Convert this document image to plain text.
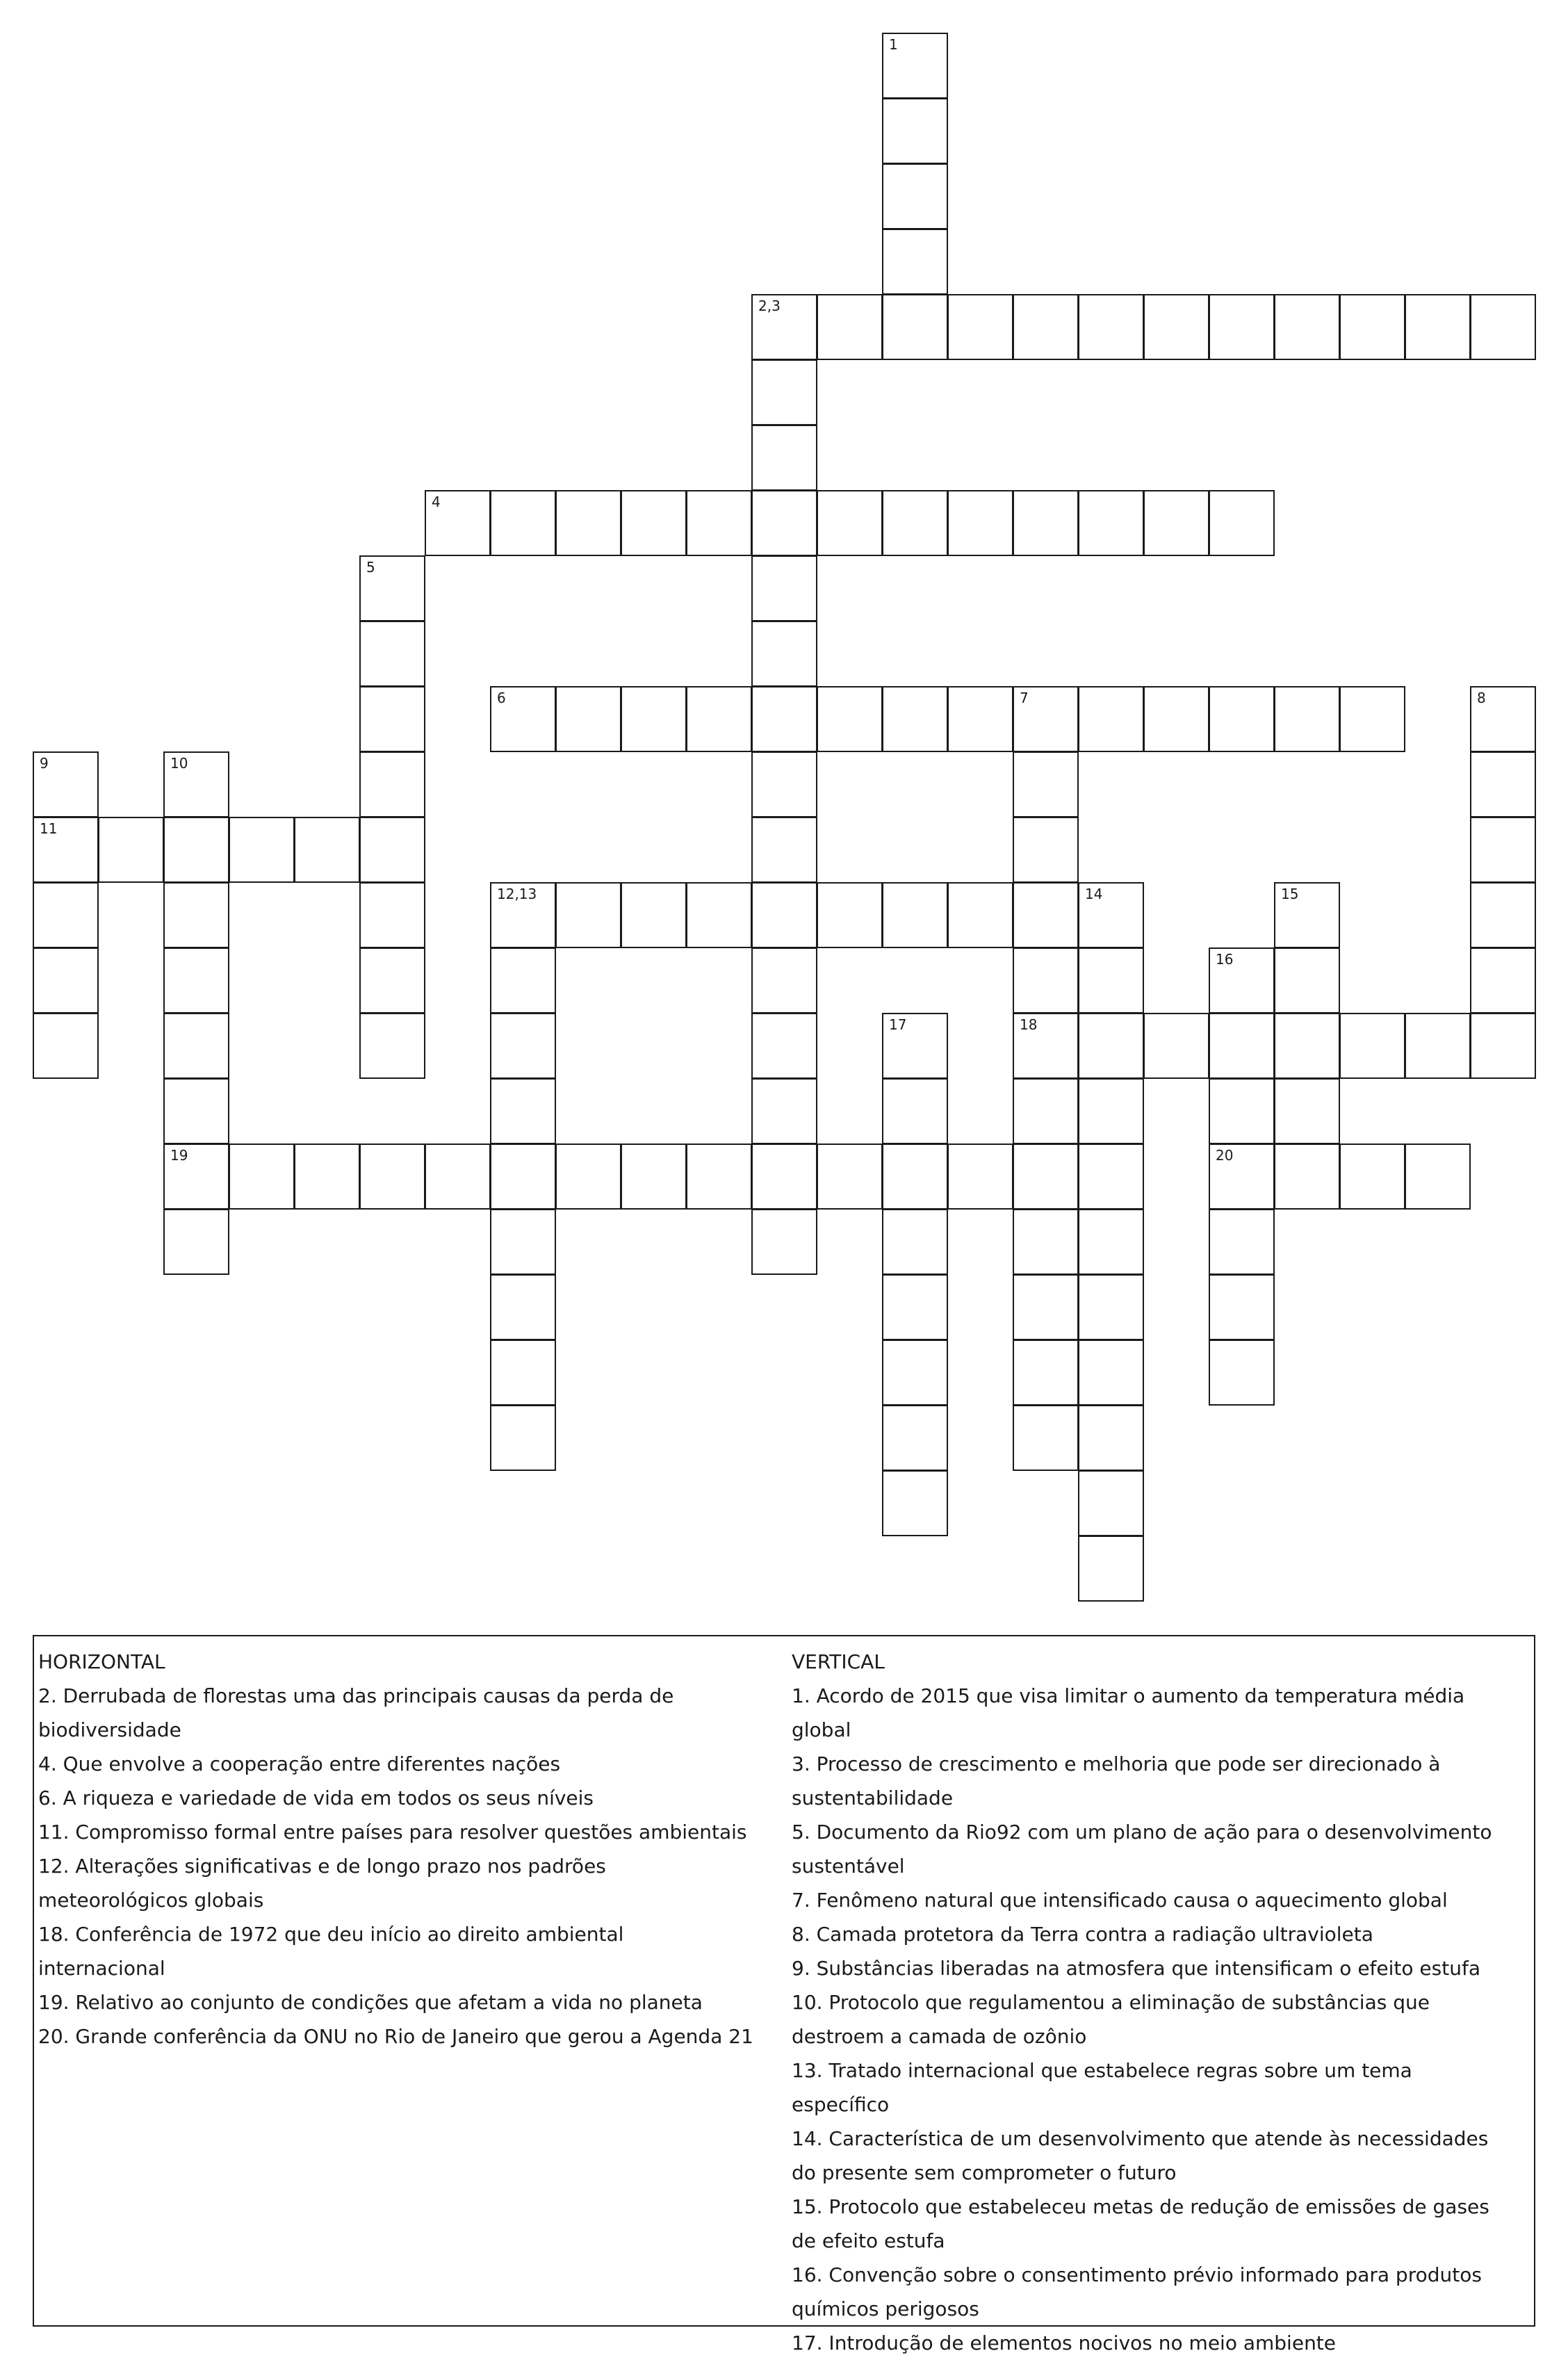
1
2,3
4
5
6	7	8
9	10
11
12,13	14	15
16
17	18
19	20
HORIZONTAL
2. Derrubada de florestas uma das principais causas da perda de biodiversidade
4. Que envolve a cooperação entre diferentes nações
6. A riqueza e variedade de vida em todos os seus níveis
11. Compromisso formal entre países para resolver questões ambientais
12. Alterações significativas e de longo prazo nos padrões meteorológicos globais
18. Conferência de 1972 que deu início ao direito ambiental internacional
19. Relativo ao conjunto de condições que afetam a vida no planeta
20. Grande conferência da ONU no Rio de Janeiro que gerou a Agenda 21
VERTICAL
1. Acordo de 2015 que visa limitar o aumento da temperatura média global
3. Processo de crescimento e melhoria que pode ser direcionado à sustentabilidade
5. Documento da Rio92 com um plano de ação para o desenvolvimento sustentável
7. Fenômeno natural que intensificado causa o aquecimento global
8. Camada protetora da Terra contra a radiação ultravioleta
9. Substâncias liberadas na atmosfera que intensificam o efeito estufa
10. Protocolo que regulamentou a eliminação de substâncias que destroem a camada de ozônio
13. Tratado internacional que estabelece regras sobre um tema específico
14. Característica de um desenvolvimento que atende às necessidades do presente sem comprometer o futuro
15. Protocolo que estabeleceu metas de redução de emissões de gases de efeito estufa
16. Convenção sobre o consentimento prévio informado para produtos químicos perigosos
17. Introdução de elementos nocivos no meio ambiente
